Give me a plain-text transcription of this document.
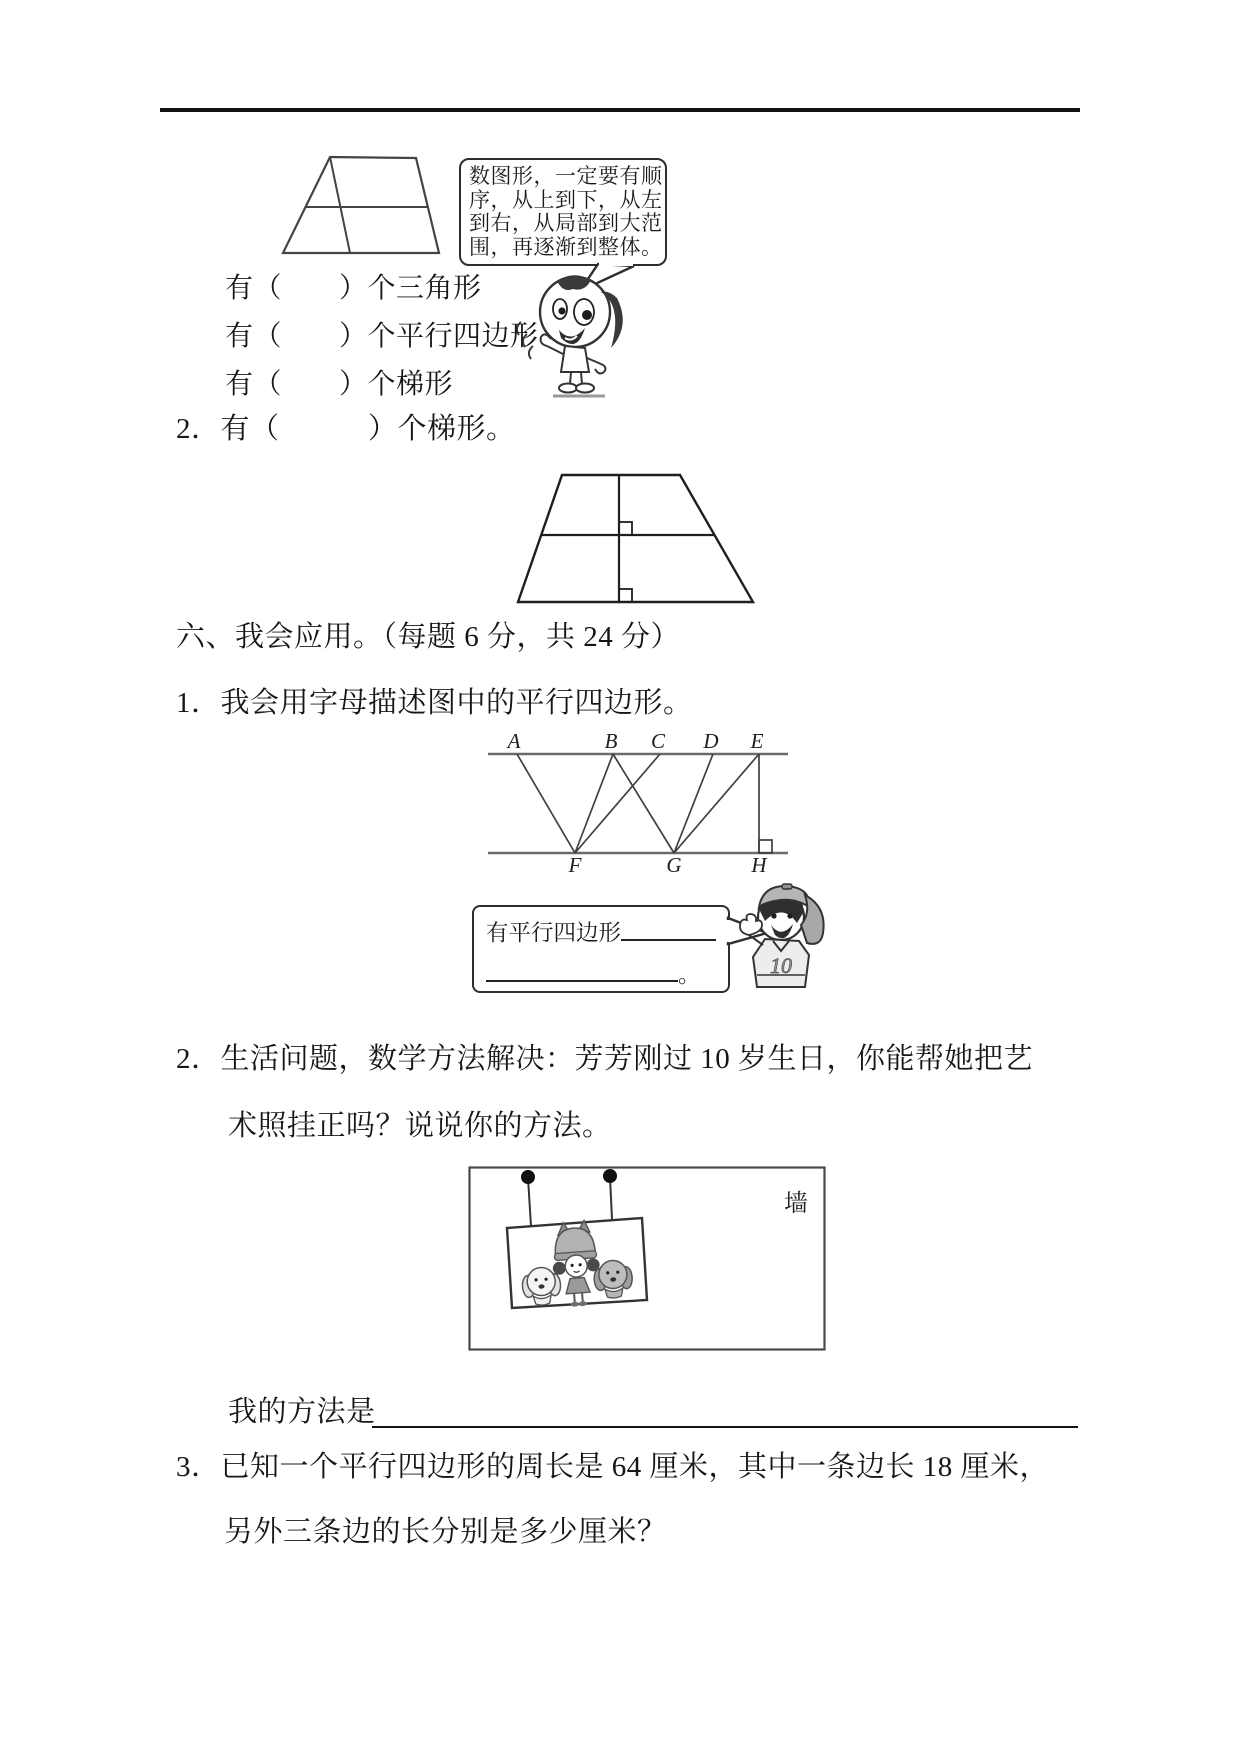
数图形，一定要有顺
序，从上到下，从左
到右，从局部到大范
围，再逐渐到整体。
有（　　）个三角形
有（　　）个平行四边形
有（　　）个梯形
2．有（　　　）个梯形。
六、我会应用。（每题 6 分，共 24 分）
1．我会用字母描述图中的平行四边形。
A	B C D E
F	G	H
有平行四边形
。	10
2．生活问题，数学方法解决：芳芳刚过 10 岁生日，你能帮她把艺
术照挂正吗？说说你的方法。
墙
我的方法是
3．已知一个平行四边形的周长是 64 厘米，其中一条边长 18 厘米，
另外三条边的长分别是多少厘米？
